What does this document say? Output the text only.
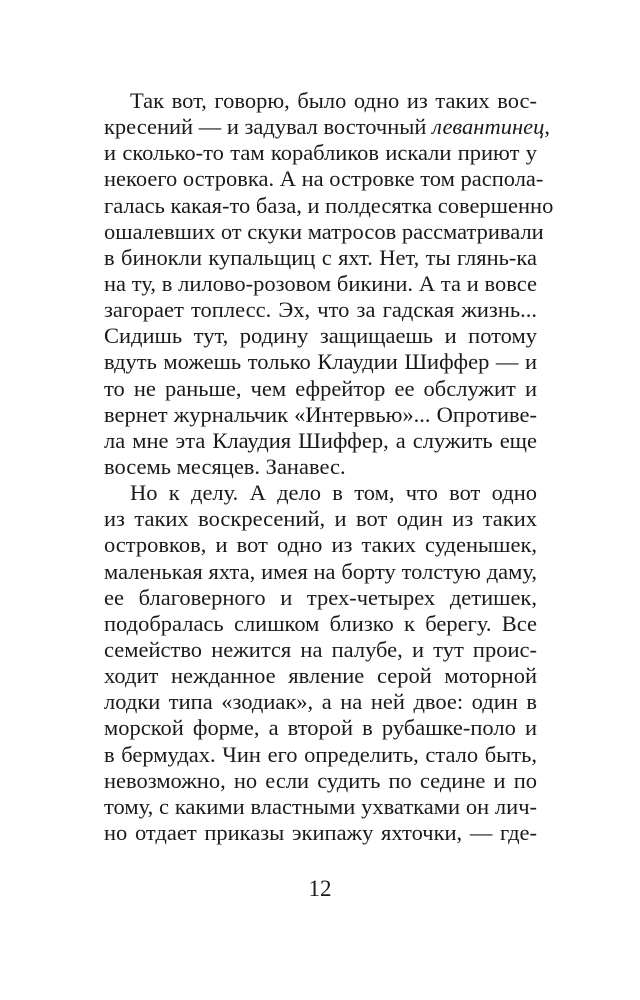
Так вот, говорю, было одно из таких вос-
кресений — и задувал восточный левантинец,
и сколько-то там корабликов искали приют у
некоего островка. А на островке том распола-
галась какая-то база, и полдесятка совершенно
ошалевших от скуки матросов рассматривали
в бинокли купальщиц с яхт. Нет, ты глянь-ка
на ту, в лилово-розовом бикини. А та и вовсе
загорает топлесс. Эх, что за гадская жизнь...
Сидишь тут, родину защищаешь и потому
вдуть можешь только Клаудии Шиффер — и
то не раньше, чем ефрейтор ее обслужит и
вернет журнальчик «Интервью»... Опротиве-
ла мне эта Клаудия Шиффер, а служить еще
восемь месяцев. Занавес.
Но к делу. А дело в том, что вот одно
из таких воскресений, и вот один из таких
островков, и вот одно из таких суденышек,
маленькая яхта, имея на борту толстую даму,
ее благоверного и трех-четырех детишек,
подобралась слишком близко к берегу. Все
семейство нежится на палубе, и тут проис-
ходит нежданное явление серой моторной
лодки типа «зодиак», а на ней двое: один в
морской форме, а второй в рубашке-поло и
в бермудах. Чин его определить, стало быть,
невозможно, но если судить по седине и по
тому, с какими властными ухватками он лич-
но отдает приказы экипажу яхточки, — где-
12
